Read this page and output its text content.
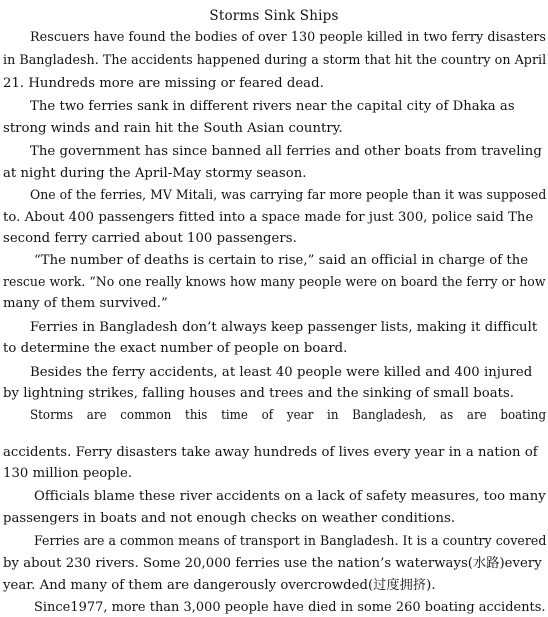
Storms Sink Ships
Rescuers have found the bodies of over 130 people killed in two ferry disasters
in Bangladesh. The accidents happened during a storm that hit the country on April
21. Hundreds more are missing or feared dead.
The two ferries sank in different rivers near the capital city of Dhaka as
strong winds and rain hit the South Asian country.
The government has since banned all ferries and other boats from traveling
at night during the April-May stormy season.
One of the ferries, MV Mitali, was carrying far more people than it was supposed
to. About 400 passengers fitted into a space made for just 300, police said The
second ferry carried about 100 passengers.
“The number of deaths is certain to rise,” said an official in charge of the
rescue work. “No one really knows how many people were on board the ferry or how
many of them survived.”
Ferries in Bangladesh don’t always keep passenger lists, making it difficult
to determine the exact number of people on board.
Besides the ferry accidents, at least 40 people were killed and 400 injured
by lightning strikes, falling houses and trees and the sinking of small boats.
Storms are common this time of year in Bangladesh, as are boating
accidents. Ferry disasters take away hundreds of lives every year in a nation of
130 million people.
Officials blame these river accidents on a lack of safety measures, too many
passengers in boats and not enough checks on weather conditions.
Ferries are a common means of transport in Bangladesh. It is a country covered
by about 230 rivers. Some 20,000 ferries use the nation’s waterways(水路)every
year. And many of them are dangerously overcrowded(过度拥挤).
Since1977, more than 3,000 people have died in some 260 boating accidents.
